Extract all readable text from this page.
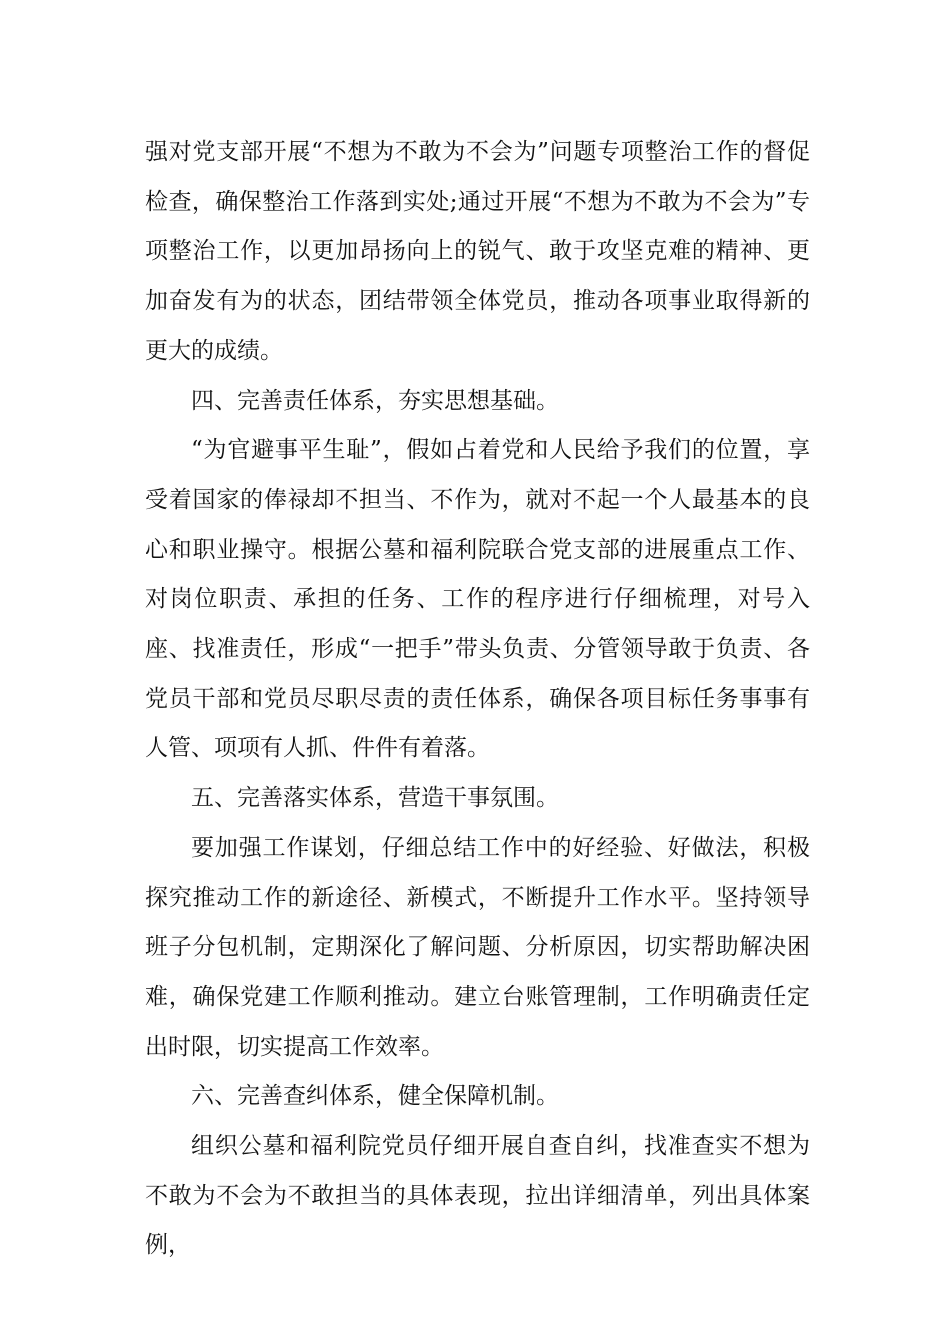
强对党支部开展“不想为不敢为不会为”问题专项整治工作的督促检查，确保整治工作落到实处;通过开展“不想为不敢为不会为”专项整治工作，以更加昂扬向上的锐气、敢于攻坚克难的精神、更加奋发有为的状态，团结带领全体党员，推动各项事业取得新的更大的成绩。

四、完善责任体系，夯实思想基础。

“为官避事平生耻”，假如占着党和人民给予我们的位置，享受着国家的俸禄却不担当、不作为，就对不起一个人最基本的良心和职业操守。根据公墓和福利院联合党支部的进展重点工作、对岗位职责、承担的任务、工作的程序进行仔细梳理，对号入座、找准责任，形成“一把手”带头负责、分管领导敢于负责、各党员干部和党员尽职尽责的责任体系，确保各项目标任务事事有人管、项项有人抓、件件有着落。

五、完善落实体系，营造干事氛围。

要加强工作谋划，仔细总结工作中的好经验、好做法，积极探究推动工作的新途径、新模式，不断提升工作水平。坚持领导班子分包机制，定期深化了解问题、分析原因，切实帮助解决困难，确保党建工作顺利推动。建立台账管理制，工作明确责任定出时限，切实提高工作效率。

六、完善查纠体系，健全保障机制。

组织公墓和福利院党员仔细开展自查自纠，找准查实不想为不敢为不会为不敢担当的具体表现，拉出详细清单，列出具体案例，
